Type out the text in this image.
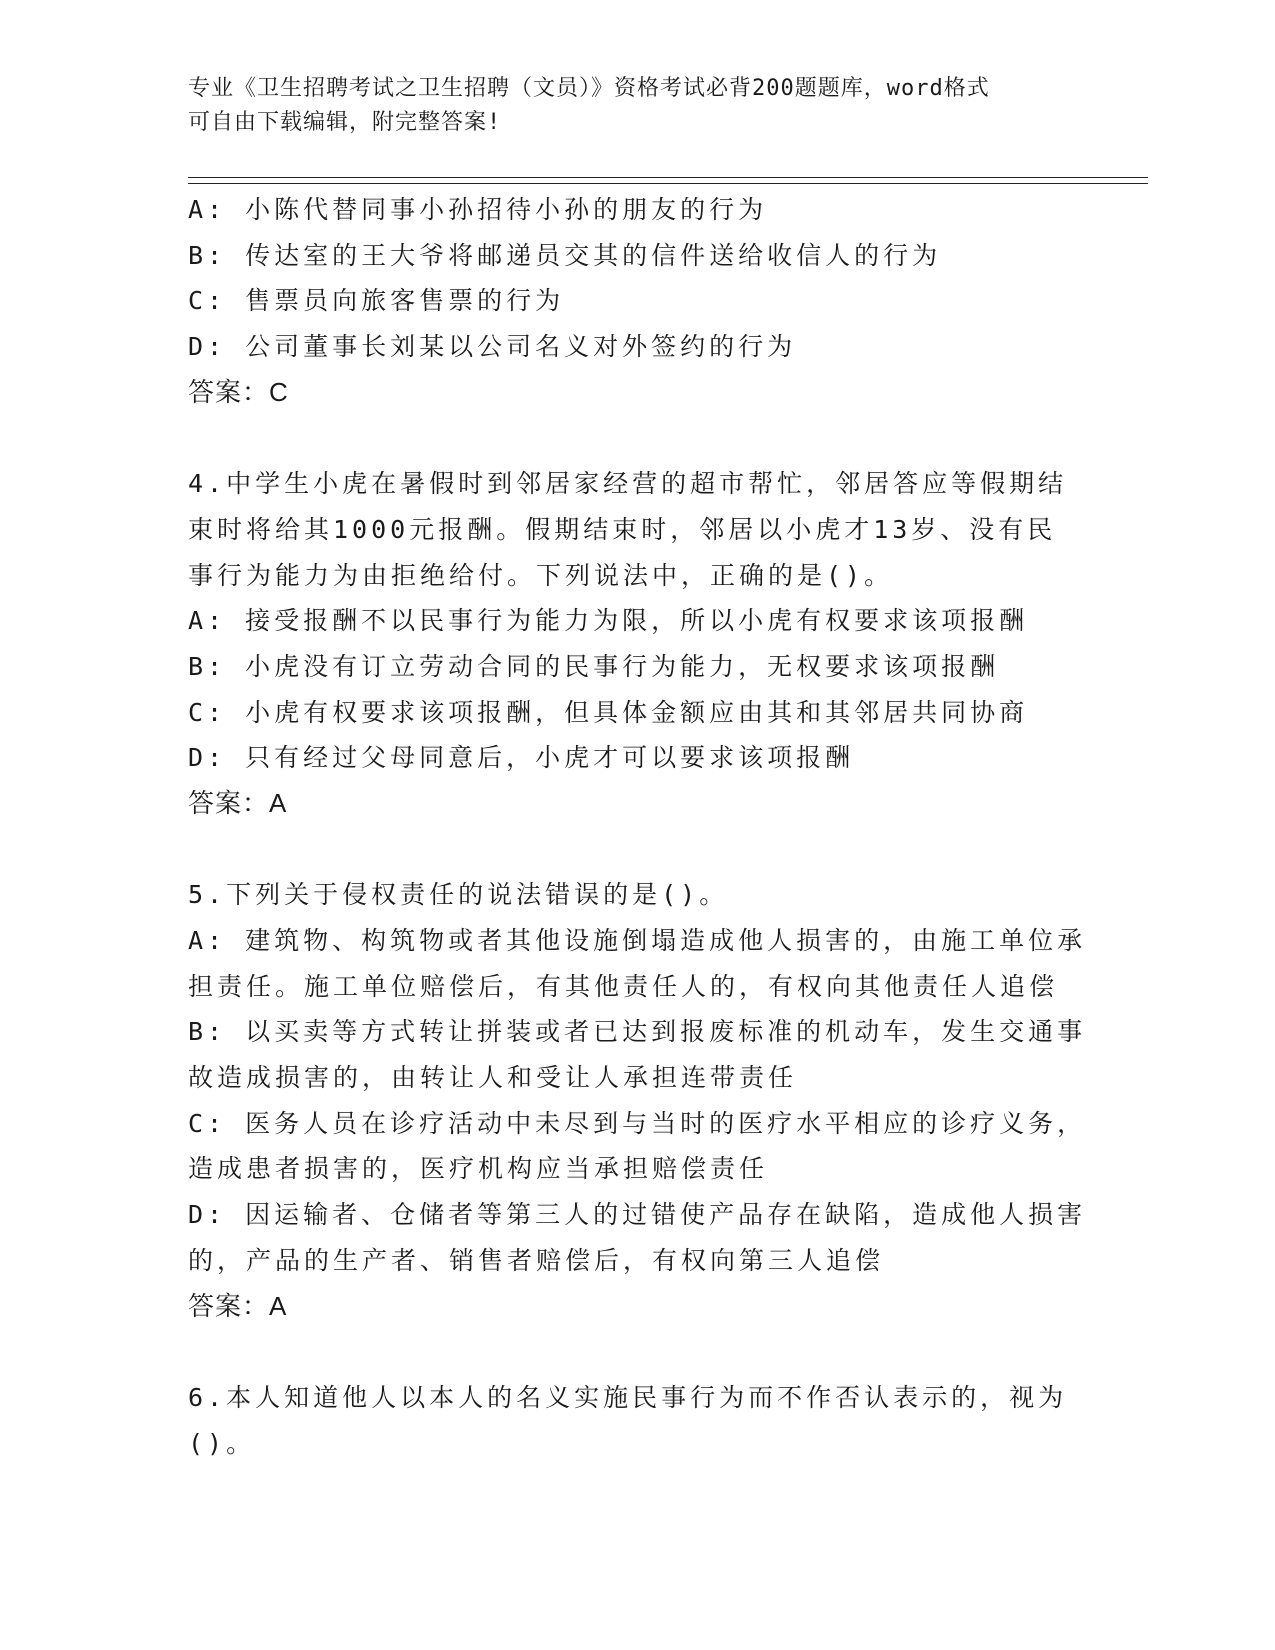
专业《卫生招聘考试之卫生招聘（文员）》资格考试必背200题题库，word格式
可自由下载编辑，附完整答案!
A: 小陈代替同事小孙招待小孙的朋友的行为
B: 传达室的王大爷将邮递员交其的信件送给收信人的行为
C: 售票员向旅客售票的行为
D: 公司董事长刘某以公司名义对外签约的行为
答案：C
4.中学生小虎在暑假时到邻居家经营的超市帮忙，邻居答应等假期结
束时将给其1000元报酬。假期结束时，邻居以小虎才13岁、没有民
事行为能力为由拒绝给付。下列说法中，正确的是()。
A: 接受报酬不以民事行为能力为限，所以小虎有权要求该项报酬
B: 小虎没有订立劳动合同的民事行为能力，无权要求该项报酬
C: 小虎有权要求该项报酬，但具体金额应由其和其邻居共同协商
D: 只有经过父母同意后，小虎才可以要求该项报酬
答案：A
5.下列关于侵权责任的说法错误的是()。
A: 建筑物、构筑物或者其他设施倒塌造成他人损害的，由施工单位承
担责任。施工单位赔偿后，有其他责任人的，有权向其他责任人追偿
B: 以买卖等方式转让拼装或者已达到报废标准的机动车，发生交通事
故造成损害的，由转让人和受让人承担连带责任
C: 医务人员在诊疗活动中未尽到与当时的医疗水平相应的诊疗义务，
造成患者损害的，医疗机构应当承担赔偿责任
D: 因运输者、仓储者等第三人的过错使产品存在缺陷，造成他人损害
的，产品的生产者、销售者赔偿后，有权向第三人追偿
答案：A
6.本人知道他人以本人的名义实施民事行为而不作否认表示的，视为
()。
